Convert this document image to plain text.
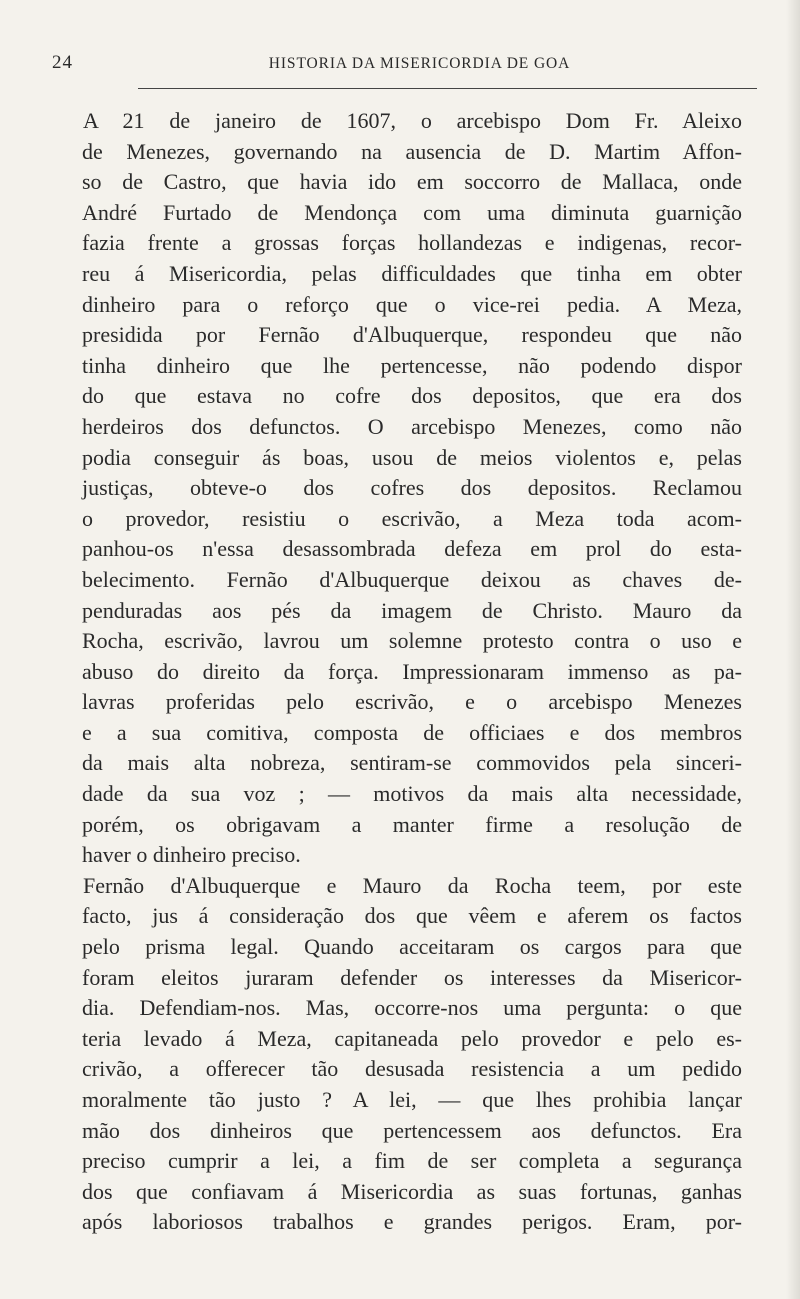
24	HISTORIA DA MISERICORDIA DE GOA
A 21 de janeiro de 1607, o arcebispo Dom Fr. Aleixo
de Menezes, governando na ausencia de D. Martim Affon-
so de Castro, que havia ido em soccorro de Mallaca, onde
André Furtado de Mendonça com uma diminuta guarnição
fazia frente a grossas forças hollandezas e indigenas, recor-
reu á Misericordia, pelas difficuldades que tinha em obter
dinheiro para o reforço que o vice-rei pedia. A Meza,
presidida por Fernão d'Albuquerque, respondeu que não
tinha dinheiro que lhe pertencesse, não podendo dispor
do que estava no cofre dos depositos, que era dos
herdeiros dos defunctos. O arcebispo Menezes, como não
podia conseguir ás boas, usou de meios violentos e, pelas
justiças, obteve-o dos cofres dos depositos. Reclamou
o provedor, resistiu o escrivão, a Meza toda acom-
panhou-os n'essa desassombrada defeza em prol do esta-
belecimento. Fernão d'Albuquerque deixou as chaves de-
penduradas aos pés da imagem de Christo. Mauro da
Rocha, escrivão, lavrou um solemne protesto contra o uso e
abuso do direito da força. Impressionaram immenso as pa-
lavras proferidas pelo escrivão, e o arcebispo Menezes
e a sua comitiva, composta de officiaes e dos membros
da mais alta nobreza, sentiram-se commovidos pela sinceri-
dade da sua voz ; — motivos da mais alta necessidade,
porém, os obrigavam a manter firme a resolução de
haver o dinheiro preciso.
Fernão d'Albuquerque e Mauro da Rocha teem, por este
facto, jus á consideração dos que vêem e aferem os factos
pelo prisma legal. Quando acceitaram os cargos para que
foram eleitos juraram defender os interesses da Misericor-
dia. Defendiam-nos. Mas, occorre-nos uma pergunta: o que
teria levado á Meza, capitaneada pelo provedor e pelo es-
crivão, a offerecer tão desusada resistencia a um pedido
moralmente tão justo ? A lei, — que lhes prohibia lançar
mão dos dinheiros que pertencessem aos defunctos. Era
preciso cumprir a lei, a fim de ser completa a segurança
dos que confiavam á Misericordia as suas fortunas, ganhas
após laboriosos trabalhos e grandes perigos. Eram, por-
